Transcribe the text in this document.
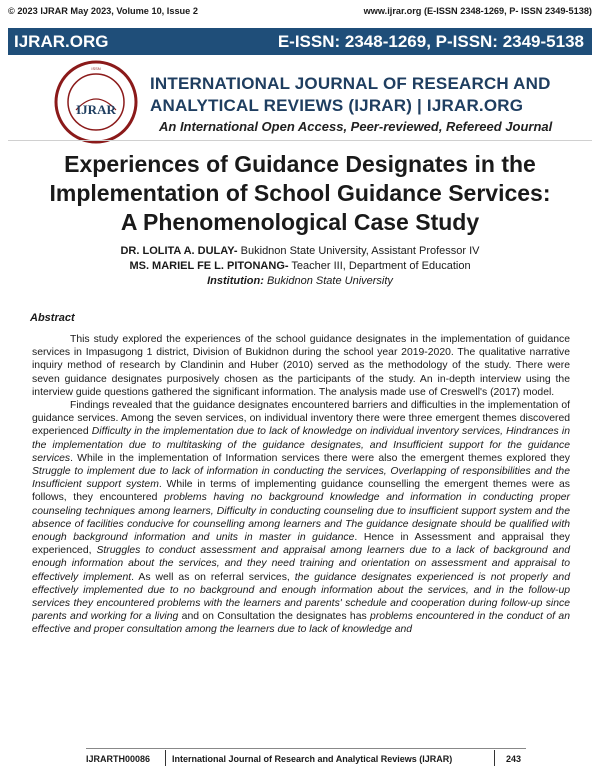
© 2023 IJRAR May 2023, Volume 10, Issue 2	www.ijrar.org (E-ISSN 2348-1269, P- ISSN 2349-5138)
IJRAR.ORG	E-ISSN: 2348-1269, P-ISSN: 2349-5138
IJRAR
ISSN
INTERNATIONAL JOURNAL OF RESEARCH AND
ANALYTICAL REVIEWS (IJRAR) | IJRAR.ORG
An International Open Access, Peer-reviewed, Refereed Journal
Experiences of Guidance Designates in the
Implementation of School Guidance Services:
A Phenomenological Case Study
DR. LOLITA A. DULAY- Bukidnon State University, Assistant Professor IV
MS. MARIEL FE L. PITONANG- Teacher III, Department of Education
Institution: Bukidnon State University
Abstract

This study explored the experiences of the school guidance designates in the implementation of guidance services in Impasugong 1 district, Division of Bukidnon during the school year 2019-2020. The qualitative narrative inquiry method of research by Clandinin and Huber (2010) served as the methodology of the study. There were seven guidance designates purposively chosen as the participants of the study. An in-depth interview using the interview guide questions gathered the significant information. The analysis made use of Creswell's (2017) model.

Findings revealed that the guidance designates encountered barriers and difficulties in the implementation of guidance services. Among the seven services, on individual inventory there were three emergent themes discovered experienced Difficulty in the implementation due to lack of knowledge on individual inventory services, Hindrances in the implementation due to multitasking of the guidance designates, and Insufficient support for the guidance services. While in the implementation of Information services there were also the emergent themes explored they Struggle to implement due to lack of information in conducting the services, Overlapping of responsibilities and the Insufficient support system. While in terms of implementing guidance counselling the emergent themes were as follows, they encountered problems having no background knowledge and information in conducting proper counseling techniques among learners, Difficulty in conducting counseling due to insufficient support system and the absence of facilities conducive for counselling among learners and The guidance designate should be qualified with enough background information and units in master in guidance. Hence in Assessment and appraisal they experienced, Struggles to conduct assessment and appraisal among learners due to a lack of background and enough information about the services, and they need training and orientation on assessment and appraisal to effectively implement. As well as on referral services, the guidance designates experienced is not properly and effectively implemented due to no background and enough information about the services, and in the follow-up services they encountered problems with the learners and parents' schedule and cooperation during follow-up since parents and working for a living and on Consultation the designates has problems encountered in the conduct of an effective and proper consultation among the learners due to lack of knowledge and

IJRARTH00086 International Journal of Research and Analytical Reviews (IJRAR)	243
